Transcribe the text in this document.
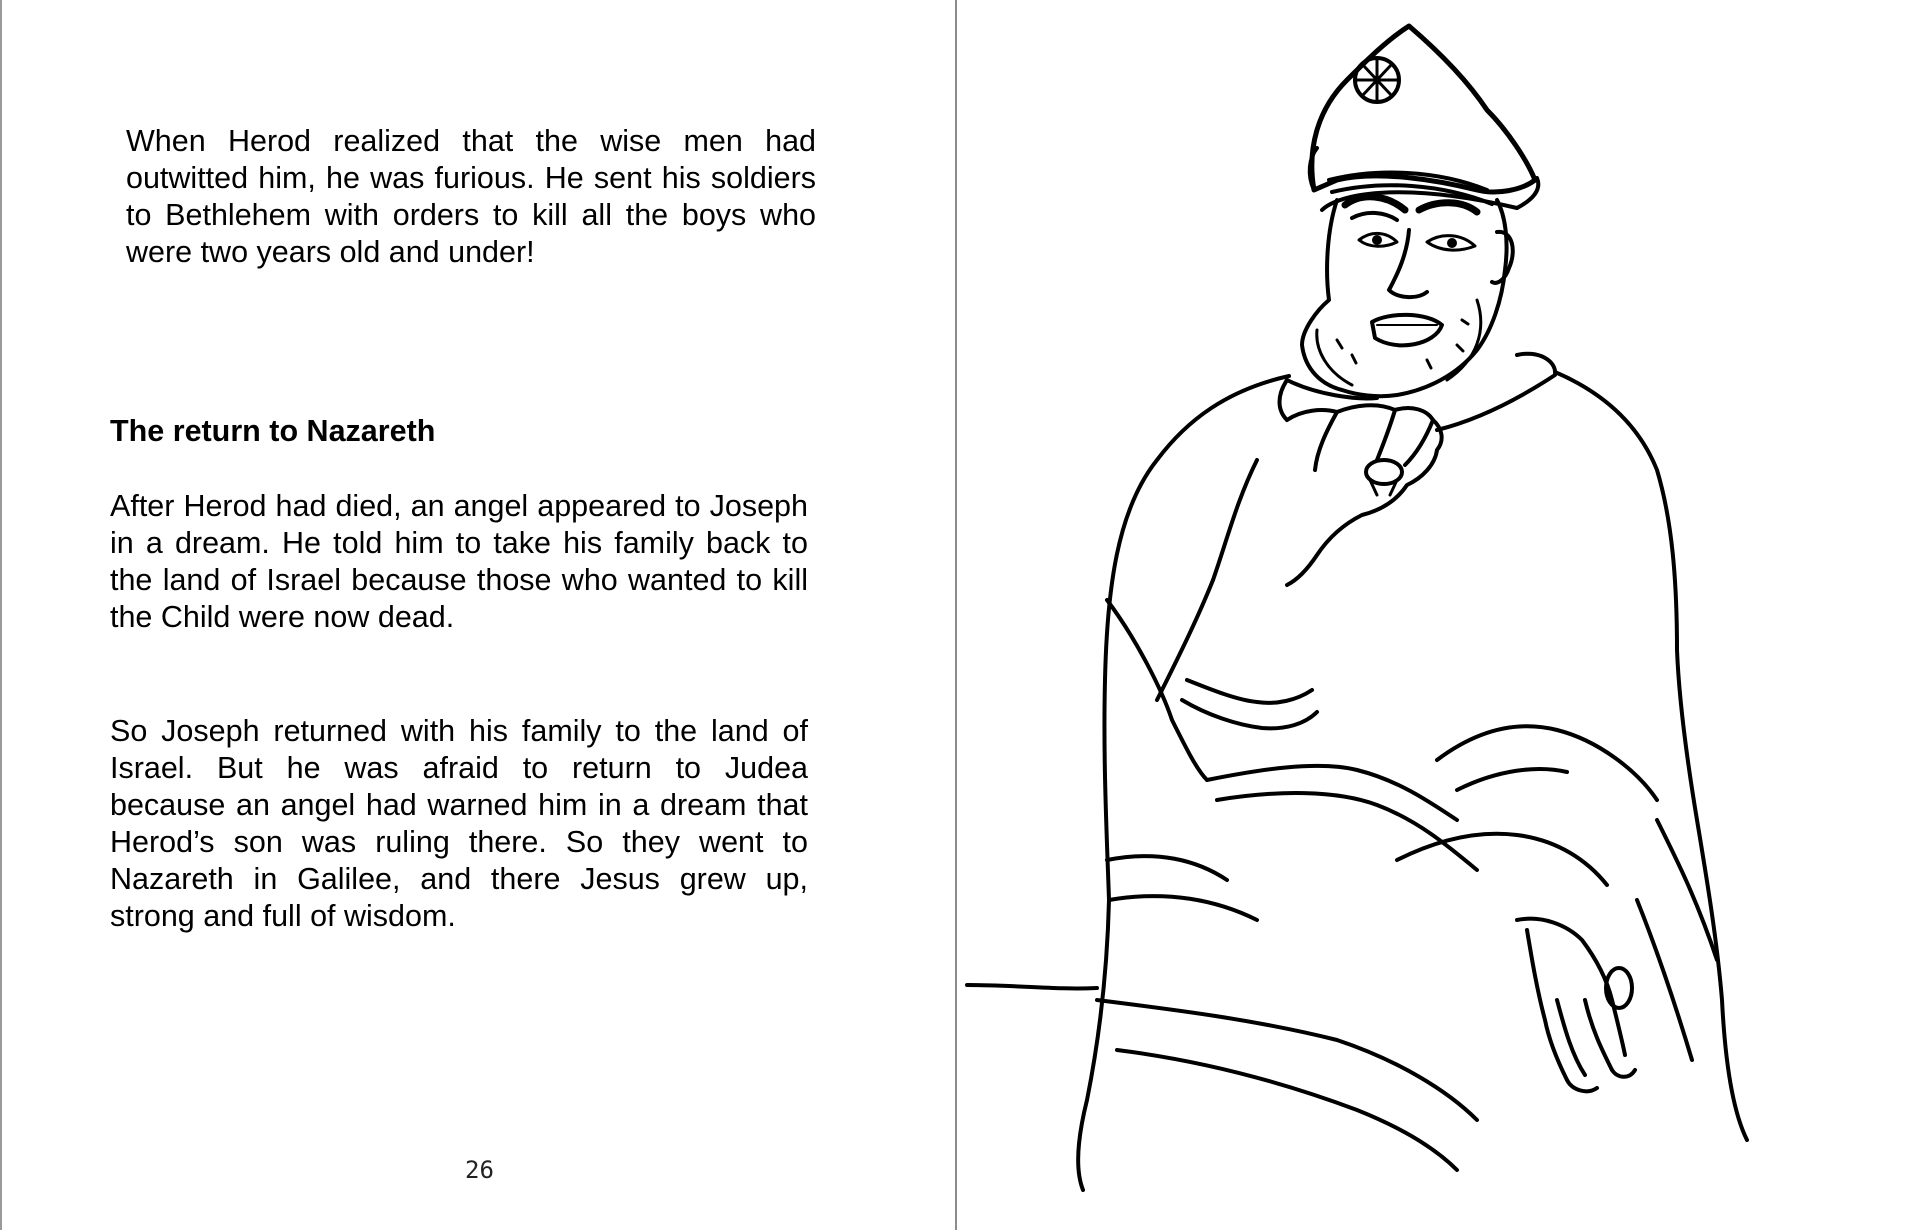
When Herod realized that the wise men had outwitted him, he was furious. He sent his soldiers to Bethlehem with orders to kill all the boys who were two years old and under!

The return to Nazareth

After Herod had died, an angel appeared to Joseph in a dream. He told him to take his family back to the land of Israel because those who wanted to kill the Child were now dead.

So Joseph returned with his family to the land of Israel. But he was afraid to return to Judea because an angel had warned him in a dream that Herod’s son was ruling there. So they went to Nazareth in Galilee, and there Jesus grew up, strong and full of wisdom.

26
